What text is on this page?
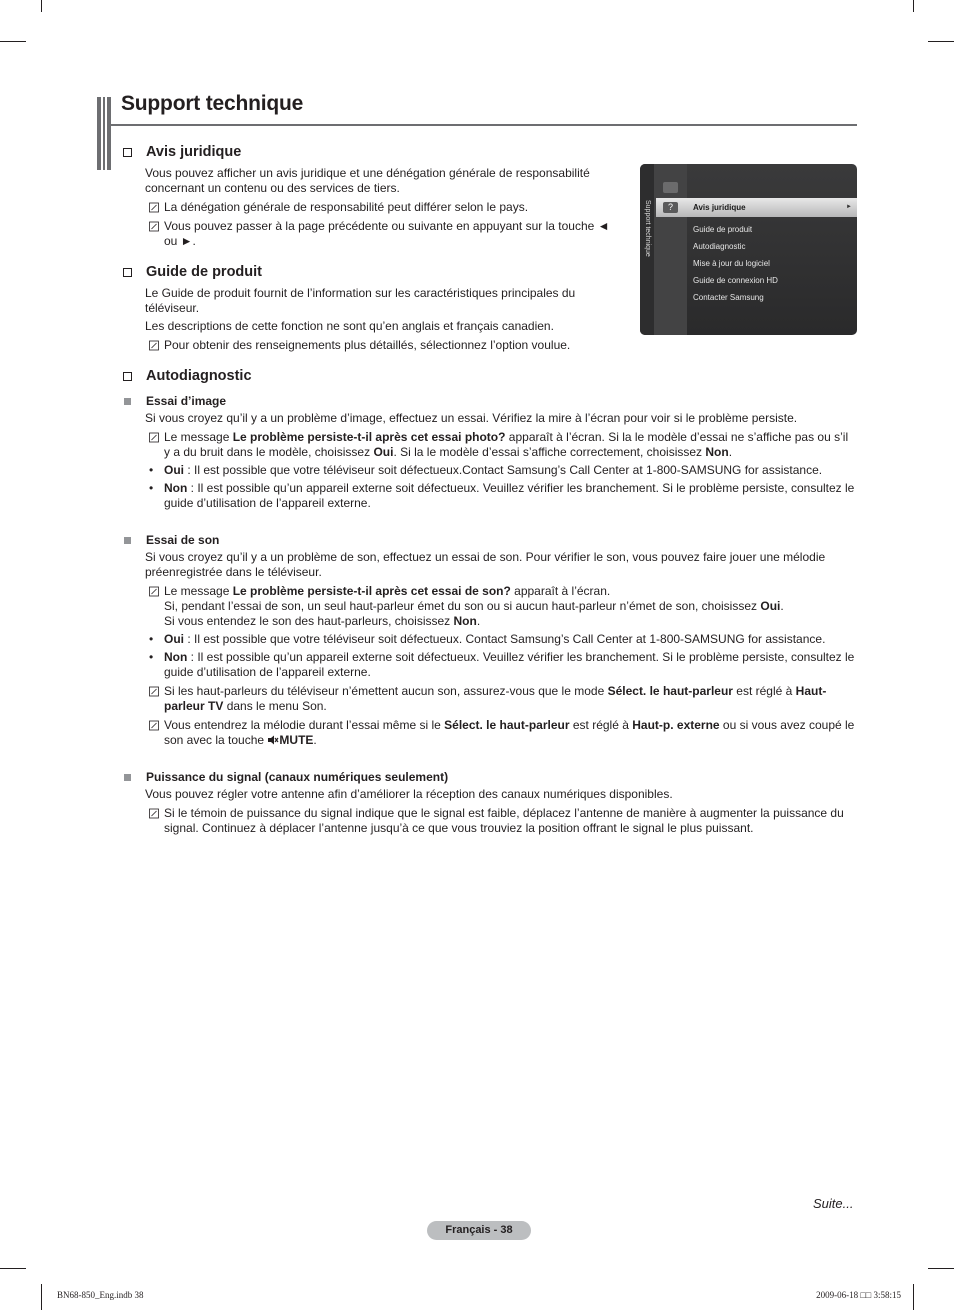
Support technique
Support technique	?	Avis juridique	►
Guide de produit
Autodiagnostic
Mise à jour du logiciel
Guide de connexion HD
Contacter Samsung
Avis juridique

Vous pouvez afficher un avis juridique et une dénégation générale de responsabilité concernant un contenu ou des services de tiers.

La dénégation générale de responsabilité peut différer selon le pays.
Vous pouvez passer à la page précédente ou suivante en appuyant sur la touche ◄
ou ►.
Guide de produit

Le Guide de produit fournit de l’information sur les caractéristiques principales du téléviseur.

Les descriptions de cette fonction ne sont qu’en anglais et français canadien.

Pour obtenir des renseignements plus détaillés, sélectionnez l’option voulue.
Autodiagnostic
Essai d’image

Si vous croyez qu’il y a un problème d’image, effectuez un essai. Vérifiez la mire à l’écran pour voir si le problème persiste.

Le message Le problème persiste-t-il après cet essai photo? apparaît à l’écran. Si la le modèle d’essai ne s’affiche pas ou s’il y a du bruit dans le modèle, choisissez Oui. Si la le modèle d’essai s’affiche correctement, choisissez Non.
• Oui : Il est possible que votre téléviseur soit défectueux.Contact Samsung’s Call Center at 1-800-SAMSUNG for assistance.
• Non : Il est possible qu’un appareil externe soit défectueux. Veuillez vérifier les branchement. Si le problème persiste, consultez le guide d’utilisation de l’appareil externe.
Essai de son

Si vous croyez qu’il y a un problème de son, effectuez un essai de son. Pour vérifier le son, vous pouvez faire jouer une mélodie préenregistrée dans le téléviseur.

Le message Le problème persiste-t-il après cet essai de son? apparaît à l’écran.
Si, pendant l’essai de son, un seul haut-parleur émet du son ou si aucun haut-parleur n’émet de son, choisissez Oui.
Si vous entendez le son des haut-parleurs, choisissez Non.
• Oui : Il est possible que votre téléviseur soit défectueux. Contact Samsung’s Call Center at 1-800-SAMSUNG for assistance.
• Non : Il est possible qu’un appareil externe soit défectueux. Veuillez vérifier les branchement. Si le problème persiste, consultez le guide d’utilisation de l’appareil externe.
Si les haut-parleurs du téléviseur n’émettent aucun son, assurez-vous que le mode Sélect. le haut-parleur est réglé à Haut-parleur TV dans le menu Son.
Vous entendrez la mélodie durant l’essai même si le Sélect. le haut-parleur est réglé à Haut-p. externe ou si vous avez coupé le son avec la touche MUTE.
Puissance du signal (canaux numériques seulement)

Vous pouvez régler votre antenne afin d’améliorer la réception des canaux numériques disponibles.

Si le témoin de puissance du signal indique que le signal est faible, déplacez l’antenne de manière à augmenter la puissance du signal. Continuez à déplacer l’antenne jusqu’à ce que vous trouviez la position offrant le signal le plus puissant.
Suite...
Français - 38
BN68-850_Eng.indb 38	2009-06-18 □□ 3:58:15
